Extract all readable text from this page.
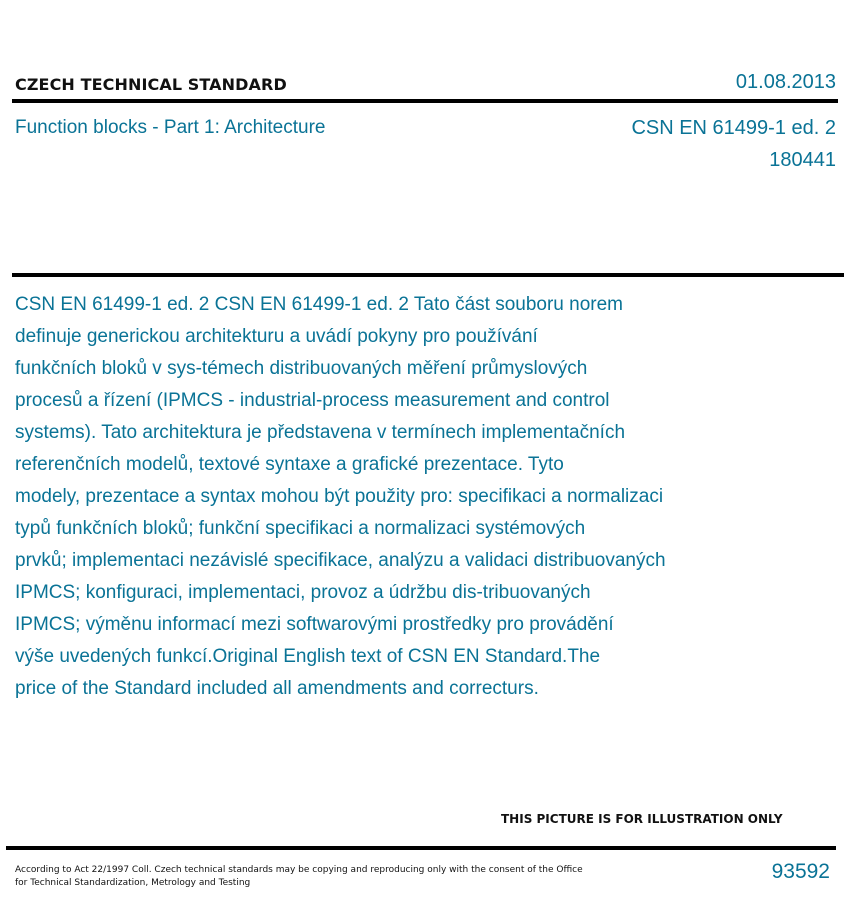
CZECH TECHNICAL STANDARD	01.08.2013
Function blocks - Part 1: Architecture	CSN EN 61499-1 ed. 2
180441
CSN EN 61499-1 ed. 2 CSN EN 61499-1 ed. 2 Tato část souboru norem
definuje generickou architekturu a uvádí pokyny pro používání
funkčních bloků v sys-témech distribuovaných měření průmyslových
procesů a řízení (IPMCS - industrial-process measurement and control
systems). Tato architektura je představena v termínech implementačních
referenčních modelů, textové syntaxe a grafické prezentace. Tyto
modely, prezentace a syntax mohou být použity pro: specifikaci a normalizaci
typů funkčních bloků; funkční specifikaci a normalizaci systémových
prvků; implementaci nezávislé specifikace, analýzu a validaci distribuovaných
IPMCS; konfiguraci, implementaci, provoz a údržbu dis-tribuovaných
IPMCS; výměnu informací mezi softwarovými prostředky pro provádění
výše uvedených funkcí.Original English text of CSN EN Standard.The
price of the Standard included all amendments and correcturs.
THIS PICTURE IS FOR ILLUSTRATION ONLY
According to Act 22/1997 Coll. Czech technical standards may be copying and reproducing only with the consent of the Office
for Technical Standardization, Metrology and Testing	93592
